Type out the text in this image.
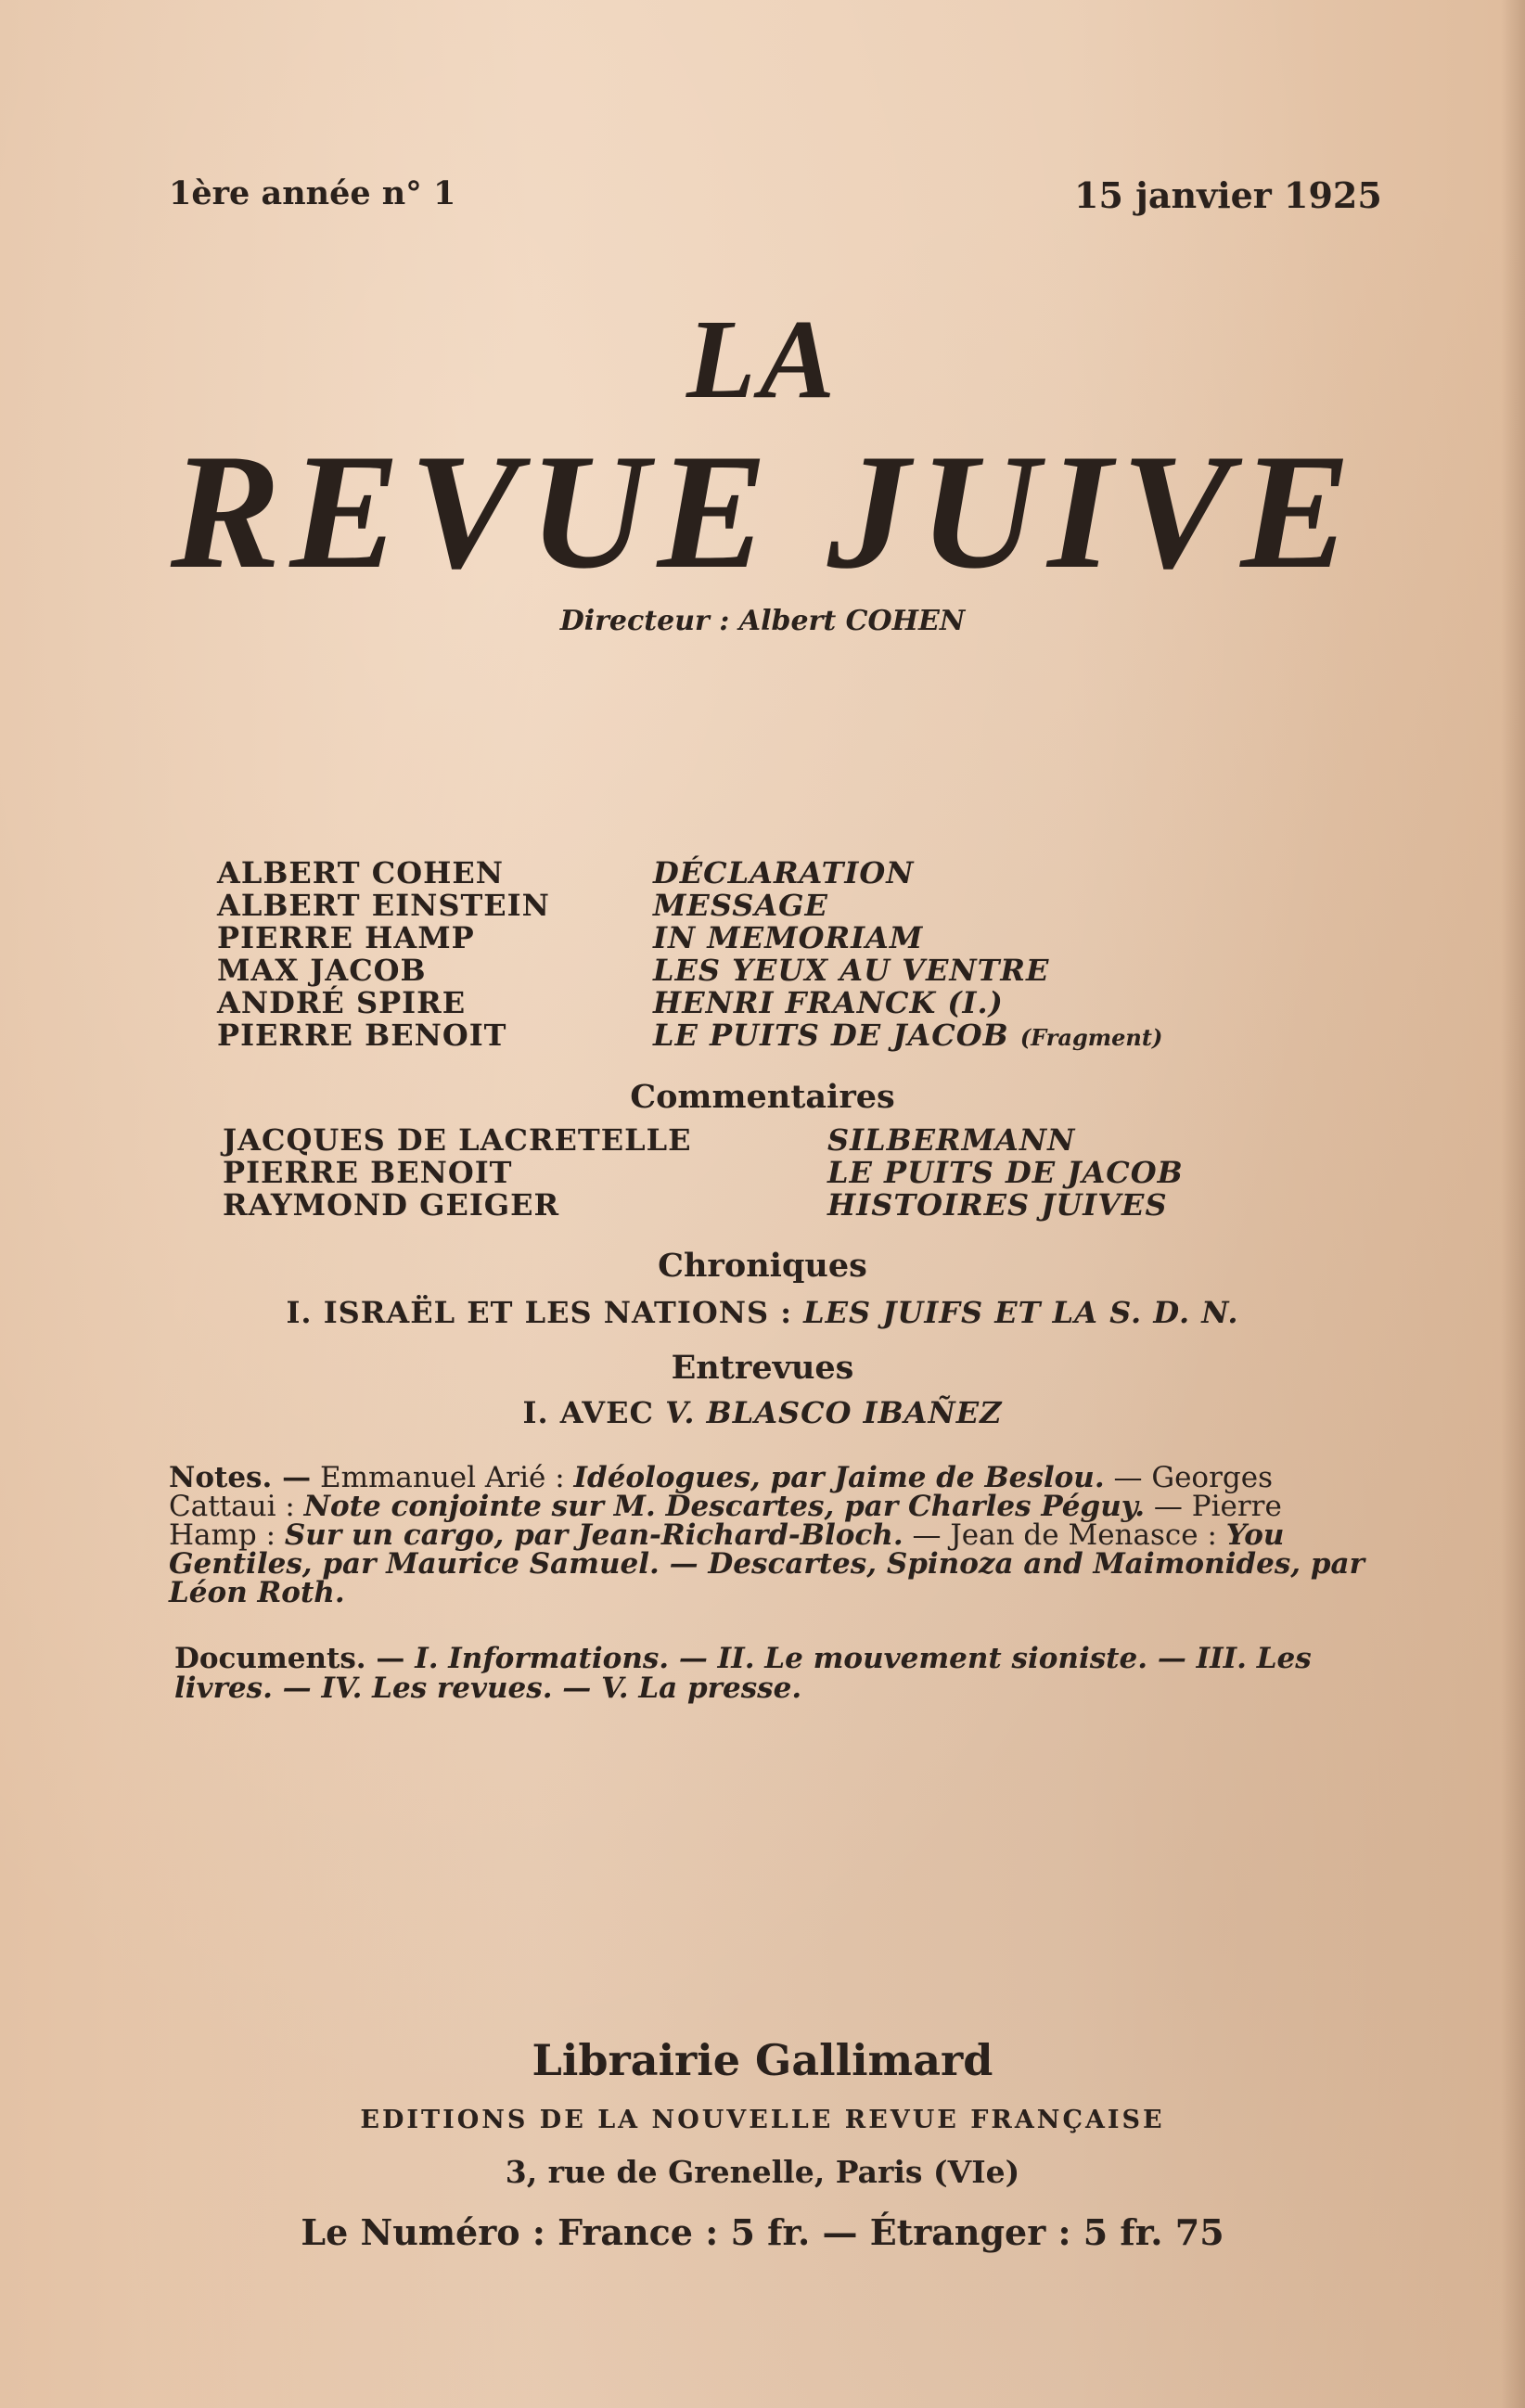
1ère année n° 1	15 janvier 1925

LA

REVUE JUIVE

Directeur : Albert COHEN

ALBERT COHEN
ALBERT EINSTEIN
PIERRE HAMP
MAX JACOB
ANDRÉ SPIRE
PIERRE BENOIT
DÉCLARATION
MESSAGE
IN MEMORIAM
LES YEUX AU VENTRE
HENRI FRANCK (I.)
LE PUITS DE JACOB (Fragment)

Commentaires

JACQUES DE LACRETELLE
PIERRE BENOIT
RAYMOND GEIGER
SILBERMANN
LE PUITS DE JACOB
HISTOIRES JUIVES

Chroniques

I. ISRAËL ET LES NATIONS : LES JUIFS ET LA S. D. N.

Entrevues

I. AVEC V. BLASCO IBAÑEZ

Notes. — Emmanuel Arié : Idéologues, par Jaime de Beslou. — Georges Cattaui : Note conjointe sur M. Descartes, par Charles Péguy. — Pierre Hamp : Sur un cargo, par Jean-Richard-Bloch. — Jean de Menasce : You Gentiles, par Maurice Samuel. — Descartes, Spinoza and Maimonides, par Léon Roth.

Documents. — I. Informations. — II. Le mouvement sioniste. — III. Les livres. — IV. Les revues. — V. La presse.

Librairie Gallimard

EDITIONS DE LA NOUVELLE REVUE FRANÇAISE

3, rue de Grenelle, Paris (VIe)

Le Numéro : France : 5 fr. — Étranger : 5 fr. 75
